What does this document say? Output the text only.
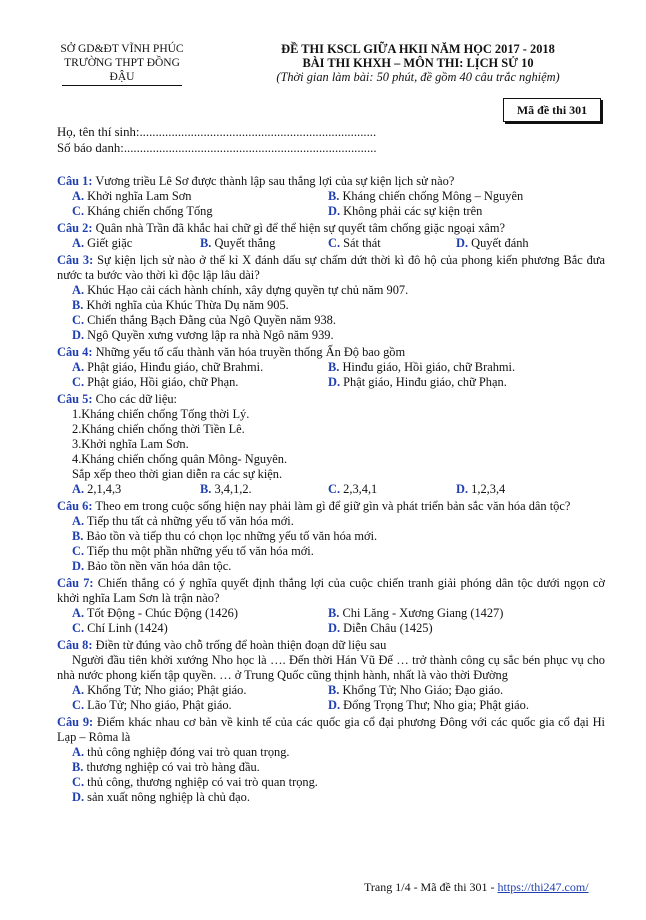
SỞ GD&ĐT VĨNH PHÚC
TRƯỜNG THPT ĐỒNG ĐẬU
ĐỀ THI KSCL GIỮA HKII NĂM HỌC 2017 - 2018
BÀI THI KHXH – MÔN THI: LỊCH SỬ 10
(Thời gian làm bài: 50 phút, đề gồm 40 câu trắc nghiệm)
Mã đề thi 301
Họ, tên thí sinh:..........................................................................
Số báo danh:...............................................................................
Câu 1: Vương triều Lê Sơ được thành lập sau thắng lợi của sự kiện lịch sử nào?
A. Khởi nghĩa Lam Sơn	B. Kháng chiến chống Mông – Nguyên
C. Kháng chiến chống Tống	D. Không phải các sự kiện trên
Câu 2: Quân nhà Trần đã khắc hai chữ gì để thể hiện sự quyết tâm chống giặc ngoại xâm?
A. Giết giặc	B. Quyết thắng	C. Sát thát	D. Quyết đánh
Câu 3: Sự kiện lịch sử nào ở thế kỉ X đánh dấu sự chấm dứt thời kì đô hộ của phong kiến phương Bắc đưa nước ta bước vào thời kì độc lập lâu dài?
A. Khúc Hạo cải cách hành chính, xây dựng quyền tự chủ năm 907.
B. Khởi nghĩa của Khúc Thừa Dụ năm 905.
C. Chiến thắng Bạch Đằng của Ngô Quyền năm 938.
D. Ngô Quyền xưng vương lập ra nhà Ngô năm 939.
Câu 4: Những yếu tố cấu thành văn hóa truyền thống Ấn Độ bao gồm
A. Phật giáo, Hinđu giáo, chữ Brahmi.	B. Hinđu giáo, Hồi giáo, chữ Brahmi.
C. Phật giáo, Hồi giáo, chữ Phạn.	D. Phật giáo, Hinđu giáo, chữ Phạn.
Câu 5: Cho các dữ liệu:
1.Kháng chiến chống Tống thời Lý.
2.Kháng chiến chống thời Tiền Lê.
3.Khởi nghĩa Lam Sơn.
4.Kháng chiến chống quân Mông- Nguyên.
Sắp xếp theo thời gian diễn ra các sự kiện.
A. 2,1,4,3	B. 3,4,1,2.	C. 2,3,4,1	D. 1,2,3,4
Câu 6: Theo em trong cuộc sống hiện nay phải làm gì để giữ gìn và phát triển bản sắc văn hóa dân tộc?
A. Tiếp thu tất cả những yếu tố văn hóa mới.
B. Bảo tồn và tiếp thu có chọn lọc những yếu tố văn hóa mới.
C. Tiếp thu một phần những yếu tố văn hóa mới.
D. Bảo tồn nền văn hóa dân tộc.
Câu 7: Chiến thắng có ý nghĩa quyết định thắng lợi của cuộc chiến tranh giải phóng dân tộc dưới ngọn cờ khởi nghĩa Lam Sơn là trận nào?
A. Tốt Động - Chúc Động (1426)	B. Chi Lăng - Xương Giang (1427)
C. Chí Linh (1424)	D. Diễn Châu (1425)
Câu 8: Điền từ đúng vào chỗ trống để hoàn thiện đoạn dữ liệu sau
Người đầu tiên khởi xướng Nho học là …. Đến thời Hán Vũ Đế … trở thành công cụ sắc bén phục vụ cho nhà nước phong kiến tập quyền. … ở Trung Quốc cũng thịnh hành, nhất là vào thời Đường
A. Khổng Tử; Nho giáo; Phật giáo.	B. Khổng Tử; Nho Giáo; Đạo giáo.
C. Lão Tử; Nho giáo, Phật giáo.	D. Đổng Trọng Thư; Nho gia; Phật giáo.
Câu 9: Điểm khác nhau cơ bản về kinh tế của các quốc gia cổ đại phương Đông với các quốc gia cổ đại Hi Lạp – Rôma là
A. thủ công nghiệp đóng vai trò quan trọng.
B. thương nghiệp có vai trò hàng đầu.
C. thủ công, thương nghiệp có vai trò quan trọng.
D. sản xuất nông nghiệp là chủ đạo.
Trang 1/4 - Mã đề thi 301 - https://thi247.com/
